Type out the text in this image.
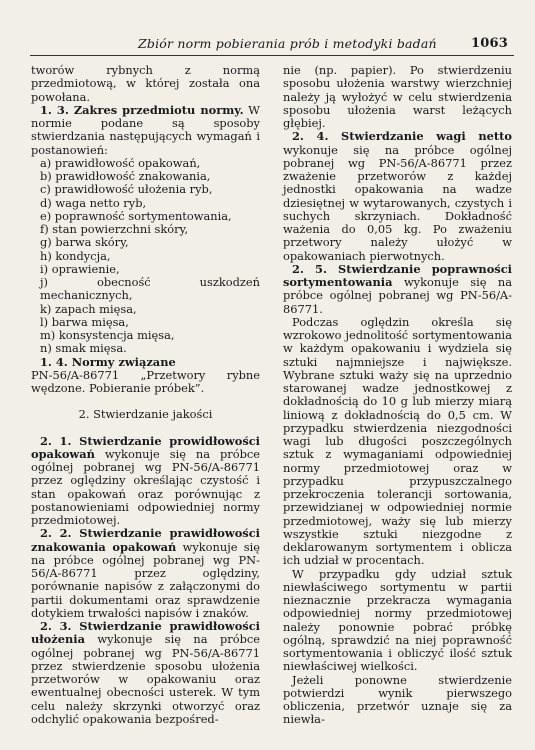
Zbiór norm pobierania prób i metodyki badań	1063

tworów rybnych z normą przedmiotową, w której została ona powołana.

1. 3. Zakres przedmiotu normy. W normie podane są sposoby stwierdzania następujących wymagań i postanowień:

a) prawidłowość opakowań,

b) prawidłowość znakowania,

c) prawidłowość ułożenia ryb,

d) waga netto ryb,

e) poprawność sortymentowania,

f) stan powierzchni skóry,

g) barwa skóry,

h) kondycja,

i) oprawienie,

j) obecność uszkodzeń mechanicznych,

k) zapach mięsa,

l) barwa mięsa,

m) konsystencja mięsa,

n) smak mięsa.

1. 4. Normy związane

PN-56/A-86771 „Przetwory rybne wędzone. Pobieranie próbek”.

2. Stwierdzanie jakości

2. 1. Stwierdzanie prowidłowości opakowań wykonuje się na próbce ogólnej pobranej wg PN-56/A-86771 przez oględziny określając czystość i stan opakowań oraz porównując z postanowieniami odpowiedniej normy przedmiotowej.

2. 2. Stwierdzanie prawidłowości znakowania opakowań wykonuje się na próbce ogólnej pobranej wg PN-56/A-86771 przez oględziny, porównanie napisów z załączonymi do partii dokumentami oraz sprawdzenie dotykiem trwałości napisów i znaków.

2. 3. Stwierdzanie prawidłowości ułożenia wykonuje się na próbce ogólnej pobranej wg PN-56/A-86771 przez stwierdzenie sposobu ułożenia przetworów w opakowaniu oraz ewentualnej obecności usterek. W tym celu należy skrzynki otworzyć oraz odchylić opakowania bezpośred-

nie (np. papier). Po stwierdzeniu sposobu ułożenia warstwy wierzchniej należy ją wyłożyć w celu stwierdzenia sposobu ułożenia warst leżących głębiej.

2. 4. Stwierdzanie wagi netto wykonuje się na próbce ogólnej pobranej wg PN-56/A-86771 przez zważenie przetworów z każdej jednostki opakowania na wadze dziesiętnej w wytarowanych, czystych i suchych skrzyniach. Dokładność ważenia do 0,05 kg. Po zważeniu przetwory należy ułożyć w opakowaniach pierwotnych.

2. 5. Stwierdzanie poprawności sortymentowania wykonuje się na próbce ogólnej pobranej wg PN-56/A-86771.

Podczas oględzin określa się wzrokowo jednolitość sortymentowania w każdym opakowaniu i wydziela się sztuki najmniejsze i największe. Wybrane sztuki waży się na uprzednio starowanej wadze jednostkowej z dokładnością do 10 g lub mierzy miarą liniową z dokładnością do 0,5 cm. W przypadku stwierdzenia niezgodności wagi lub długości poszczególnych sztuk z wymaganiami odpowiedniej normy przedmiotowej oraz w przypadku przypuszczalnego przekroczenia tolerancji sortowania, przewidzianej w odpowiedniej normie przedmiotowej, waży się lub mierzy wszystkie sztuki niezgodne z deklarowanym sortymentem i oblicza ich udział w procentach.

W przypadku gdy udział sztuk niewłaściwego sortymentu w partii nieznacznie przekracza wymagania odpowiedniej normy przedmiotowej należy ponownie pobrać próbkę ogólną, sprawdzić na niej poprawność sortymentowania i obliczyć ilość sztuk niewłaściwej wielkości.

Jeżeli ponowne stwierdzenie potwierdzi wynik pierwszego obliczenia, przetwór uznaje się za niewła-
